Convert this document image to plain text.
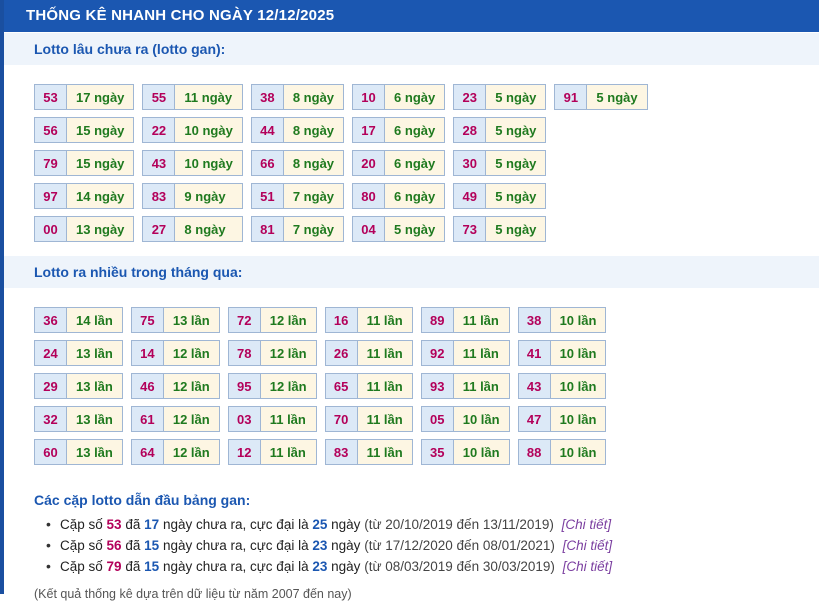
THỐNG KÊ NHANH CHO NGÀY 12/12/2025
Lotto lâu chưa ra (lotto gan):
53 17 ngày	55 11 ngày	38 8 ngày	10 6 ngày	23 5 ngày	91 5 ngày

56 15 ngày	22 10 ngày	44 8 ngày	17 6 ngày	28 5 ngày	

79 15 ngày	43 10 ngày	66 8 ngày	20 6 ngày	30 5 ngày	

97 14 ngày	83 9 ngày	51 7 ngày	80 6 ngày	49 5 ngày	

00 13 ngày	27 8 ngày	81 7 ngày	04 5 ngày	73 5 ngày	

Lotto ra nhiều trong tháng qua:
36 14 lần	75 13 lần	72 12 lần	16 11 lần	89 11 lần	38 10 lần

24 13 lần	14 12 lần	78 12 lần	26 11 lần	92 11 lần	41 10 lần

29 13 lần	46 12 lần	95 12 lần	65 11 lần	93 11 lần	43 10 lần

32 13 lần	61 12 lần	03 11 lần	70 11 lần	05 10 lần	47 10 lần

60 13 lần	64 12 lần	12 11 lần	83 11 lần	35 10 lần	88 10 lần
Các cặp lotto dẫn đầu bảng gan:
• Cặp số 53 đã 17 ngày chưa ra, cực đại là 25 ngày (từ 20/10/2019 đến 13/11/2019) [Chi tiết]
• Cặp số 56 đã 15 ngày chưa ra, cực đại là 23 ngày (từ 17/12/2020 đến 08/01/2021) [Chi tiết]
• Cặp số 79 đã 15 ngày chưa ra, cực đại là 23 ngày (từ 08/03/2019 đến 30/03/2019) [Chi tiết]
(Kết quả thống kê dựa trên dữ liệu từ năm 2007 đến nay)
